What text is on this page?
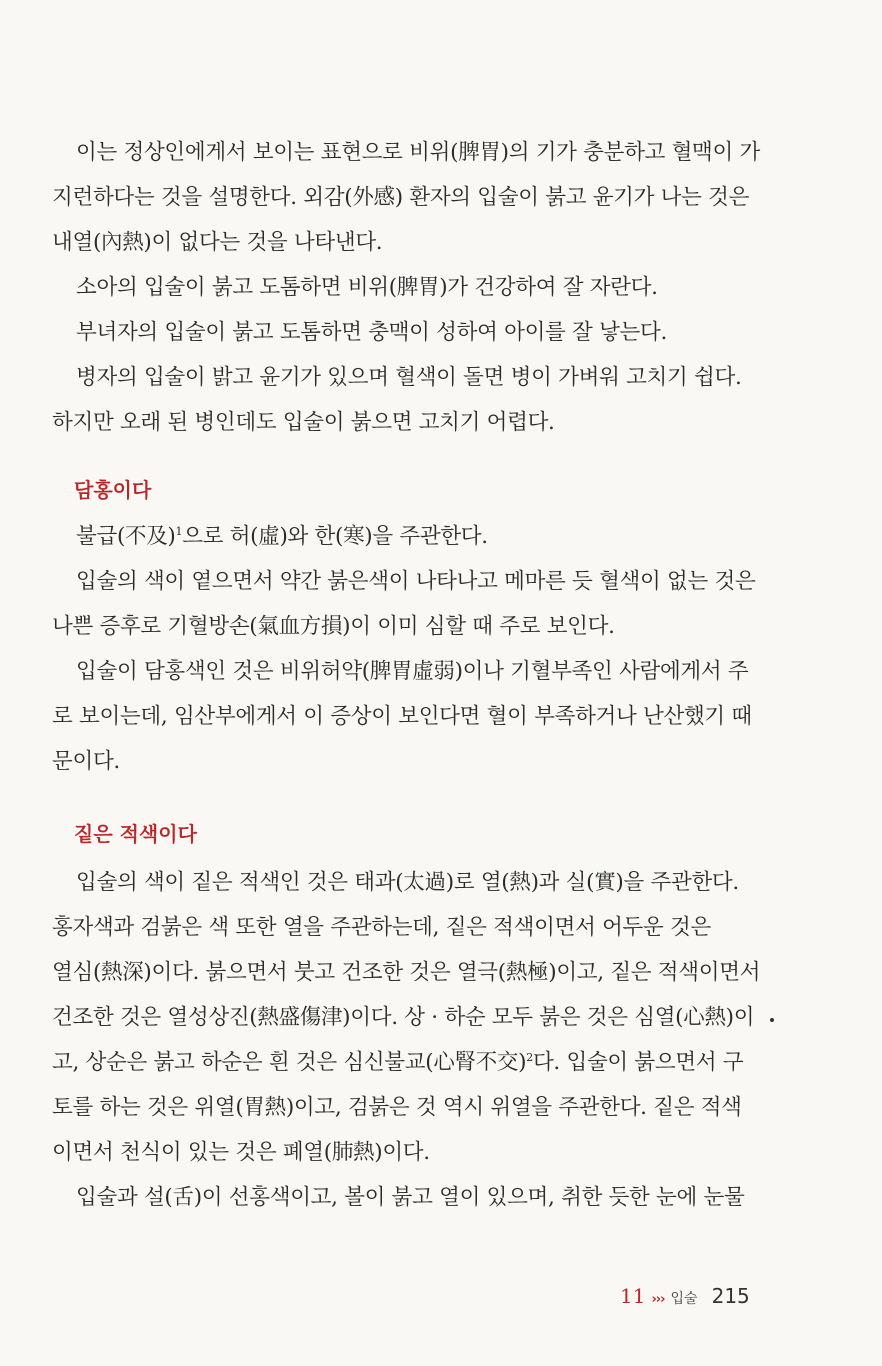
이는 정상인에게서 보이는 표현으로 비위(脾胃)의 기가 충분하고 혈맥이 가
지런하다는 것을 설명한다. 외감(外感) 환자의 입술이 붉고 윤기가 나는 것은
내열(內熱)이 없다는 것을 나타낸다.
소아의 입술이 붉고 도톰하면 비위(脾胃)가 건강하여 잘 자란다.
부녀자의 입술이 붉고 도톰하면 충맥이 성하여 아이를 잘 낳는다.
병자의 입술이 밝고 윤기가 있으며 혈색이 돌면 병이 가벼워 고치기 쉽다.
하지만 오래 된 병인데도 입술이 붉으면 고치기 어렵다.
담홍이다
불급(不及)$^1$으로 허(虛)와 한(寒)을 주관한다.
입술의 색이 옅으면서 약간 붉은색이 나타나고 메마른 듯 혈색이 없는 것은
나쁜 증후로 기혈방손(氣血方損)이 이미 심할 때 주로 보인다.
입술이 담홍색인 것은 비위허약(脾胃虛弱)이나 기혈부족인 사람에게서 주
로 보이는데, 임산부에게서 이 증상이 보인다면 혈이 부족하거나 난산했기 때
문이다.
짙은 적색이다
입술의 색이 짙은 적색인 것은 태과(太過)로 열(熱)과 실(實)을 주관한다.
홍자색과 검붉은 색 또한 열을 주관하는데, 짙은 적색이면서 어두운 것은
열심(熱深)이다. 붉으면서 붓고 건조한 것은 열극(熱極)이고, 짙은 적색이면서
건조한 것은 열성상진(熱盛傷津)이다. 상 · 하순 모두 붉은 것은 심열(心熱)이
고, 상순은 붉고 하순은 흰 것은 심신불교(心腎不交)$^2$다. 입술이 붉으면서 구
토를 하는 것은 위열(胃熱)이고, 검붉은 것 역시 위열을 주관한다. 짙은 적색
이면서 천식이 있는 것은 폐열(肺熱)이다.
입술과 설(舌)이 선홍색이고, 볼이 붉고 열이 있으며, 취한 듯한 눈에 눈물
11 ››› 입술 215
